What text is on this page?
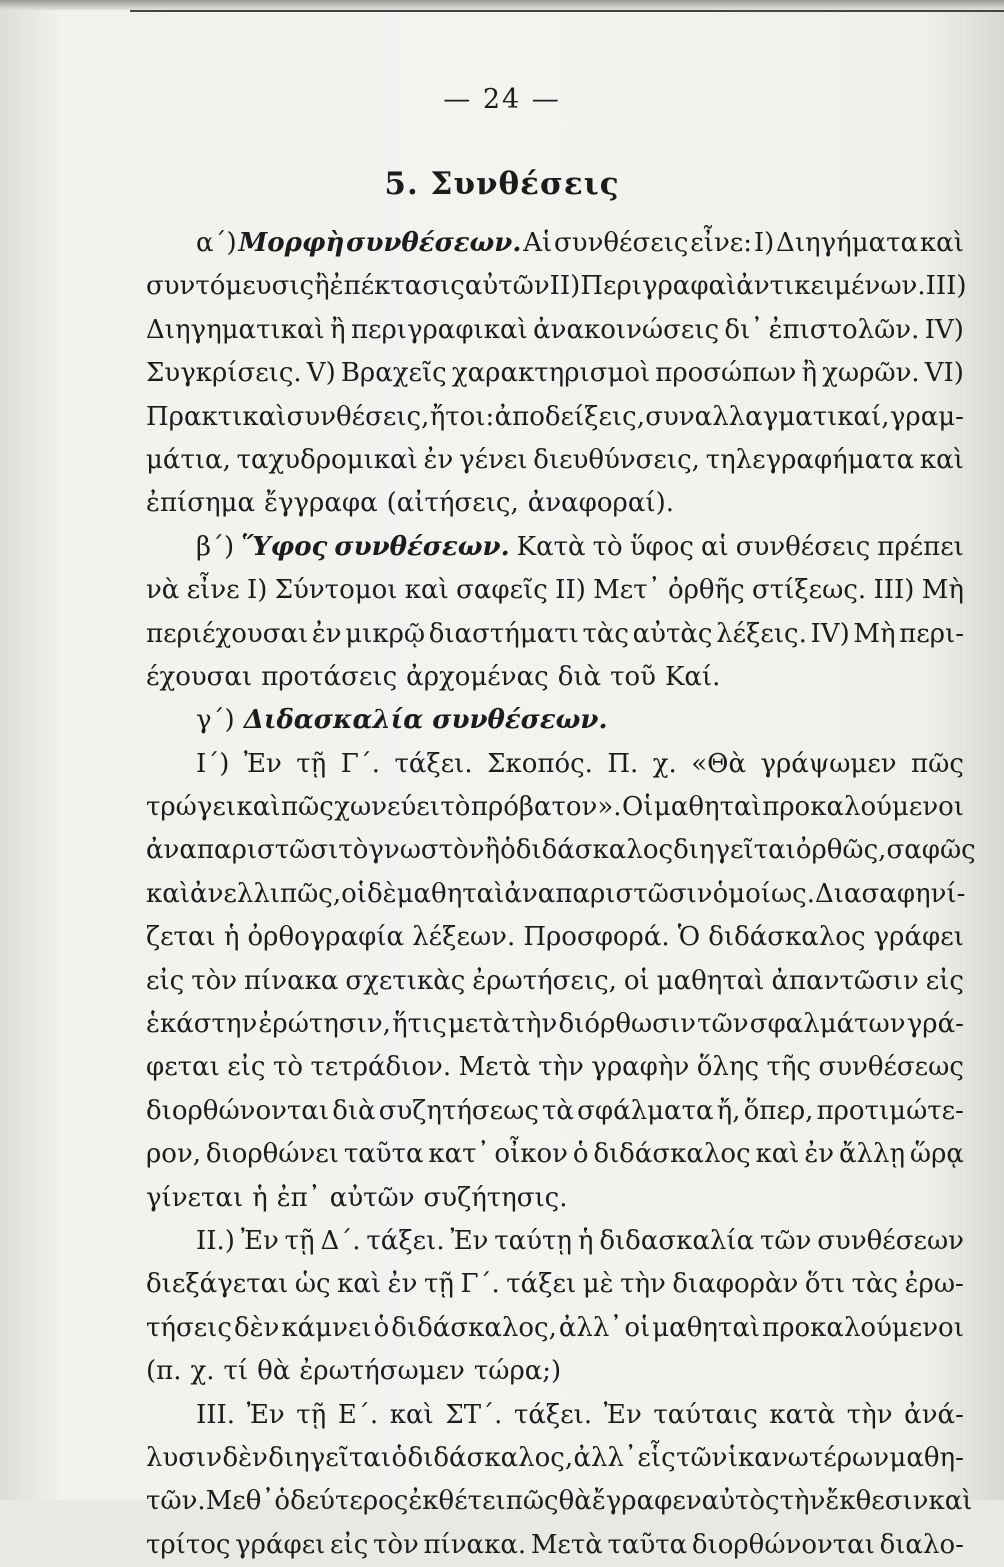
— 24 —
5. Συνθέσεις
α΄) Μορφὴ συνθέσεων. Αἱ συνθέσεις εἶνε: Ι) Διηγήματα καὶ
συντόμευσις ἢ ἐπέκτασις αὐτῶν ΙΙ) Περιγραφαὶ ἀντικειμένων. ΙΙΙ)
Διηγηματικαὶ ἢ περιγραφικαὶ ἀνακοινώσεις δι᾽ ἐπιστολῶν. ΙV)
Συγκρίσεις. V) Βραχεῖς χαρακτηρισμοὶ προσώπων ἢ χωρῶν. VΙ)
Πρακτικαὶ συνθέσεις, ἤτοι: ἀποδείξεις, συναλλαγματικαί, γραμ-
μάτια, ταχυδρομικαὶ ἐν γένει διευθύνσεις, τηλεγραφήματα καὶ
ἐπίσημα ἔγγραφα (αἰτήσεις, ἀναφοραί).
β΄) Ὕφος συνθέσεων. Κατὰ τὸ ὕφος αἱ συνθέσεις πρέπει
νὰ εἶνε Ι) Σύντομοι καὶ σαφεῖς ΙΙ) Μετ᾽ ὀρθῆς στίξεως. ΙΙΙ) Μὴ
περιέχουσαι ἐν μικρῷ διαστήματι τὰς αὐτὰς λέξεις. ΙV) Μὴ περι-
έχουσαι προτάσεις ἀρχομένας διὰ τοῦ Καί.
γ΄) Διδασκαλία συνθέσεων.
Ι΄) Ἐν τῇ Γ΄. τάξει. Σκοπός. Π. χ. «Θὰ γράψωμεν πῶς
τρώγει καὶ πῶς χωνεύει τὸ πρόβατον». Οἱ μαθηταὶ προκαλούμενοι
ἀναπαριστῶσι τὸ γνωστὸν ἢ ὁ διδάσκαλος διηγεῖται ὀρθῶς, σαφῶς
καὶ ἀνελλιπῶς, οἱ δὲ μαθηταὶ ἀναπαριστῶσιν ὁμοίως. Διασαφηνί-
ζεται ἡ ὀρθογραφία λέξεων. Προσφορά. Ὁ διδάσκαλος γράφει
εἰς τὸν πίνακα σχετικὰς ἐρωτήσεις, οἱ μαθηταὶ ἀπαντῶσιν εἰς
ἑκάστην ἐρώτησιν, ἥτις μετὰ τὴν διόρθωσιν τῶν σφαλμάτων γρά-
φεται εἰς τὸ τετράδιον. Μετὰ τὴν γραφὴν ὅλης τῆς συνθέσεως
διορθώνονται διὰ συζητήσεως τὰ σφάλματα ἤ, ὅπερ, προτιμώτε-
ρον, διορθώνει ταῦτα κατ᾽ οἶκον ὁ διδάσκαλος καὶ ἐν ἄλλῃ ὥρᾳ
γίνεται ἡ ἐπ᾽ αὐτῶν συζήτησις.
ΙΙ.) Ἐν τῇ Δ΄. τάξει. Ἐν ταύτῃ ἡ διδασκαλία τῶν συνθέσεων
διεξάγεται ὡς καὶ ἐν τῇ Γ΄. τάξει μὲ τὴν διαφορὰν ὅτι τὰς ἐρω-
τήσεις δὲν κάμνει ὁ διδάσκαλος, ἀλλ᾽ οἱ μαθηταὶ προκαλούμενοι
(π. χ. τί θὰ ἐρωτήσωμεν τώρα;)
ΙΙΙ. Ἐν τῇ Ε΄. καὶ ΣΤ΄. τάξει. Ἐν ταύταις κατὰ τὴν ἀνά-
λυσιν δὲν διηγεῖται ὁ διδάσκαλος, ἀλλ᾽ εἷς τῶν ἱκανωτέρων μαθη-
τῶν. Μεθ᾽ ὁ δεύτερος ἐκθέτει πῶς θὰ ἔγραφεν αὐτὸς τὴν ἔκθεσιν καὶ
τρίτος γράφει εἰς τὸν πίνακα. Μετὰ ταῦτα διορθώνονται διαλο-
